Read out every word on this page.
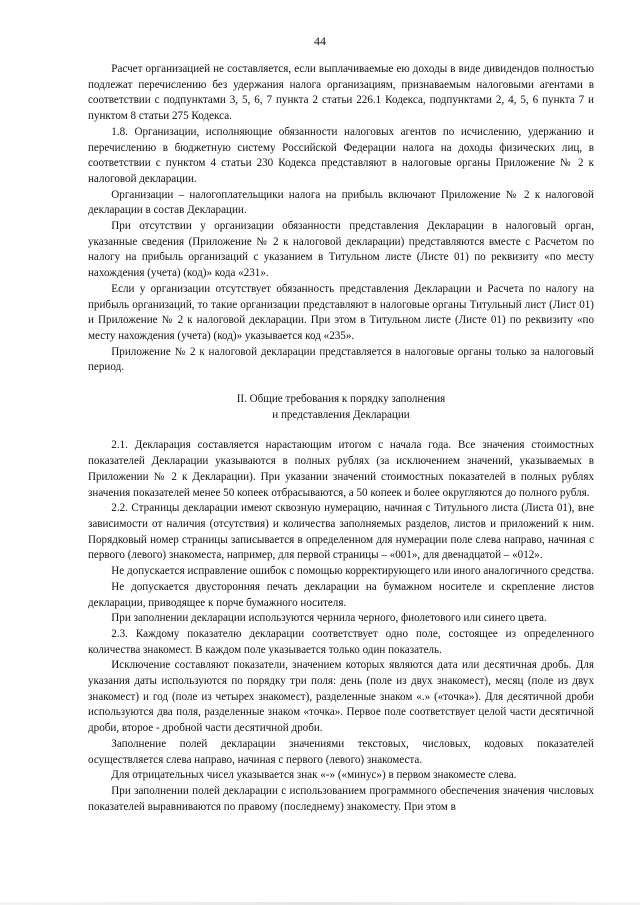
44

Расчет организацией не составляется, если выплачиваемые ею доходы в виде дивидендов полностью подлежат перечислению без удержания налога организациям, признаваемым налоговыми агентами в соответствии с подпунктами 3, 5, 6, 7 пункта 2 статьи 226.1 Кодекса, подпунктами 2, 4, 5, 6 пункта 7 и пунктом 8 статьи 275 Кодекса.

1.8. Организации, исполняющие обязанности налоговых агентов по исчислению, удержанию и перечислению в бюджетную систему Российской Федерации налога на доходы физических лиц, в соответствии с пунктом 4 статьи 230 Кодекса представляют в налоговые органы Приложение № 2 к налоговой декларации.

Организации – налогоплательщики налога на прибыль включают Приложение № 2 к налоговой декларации в состав Декларации.

При отсутствии у организации обязанности представления Декларации в налоговый орган, указанные сведения (Приложение № 2 к налоговой декларации) представляются вместе с Расчетом по налогу на прибыль организаций с указанием в Титульном листе (Листе 01) по реквизиту «по месту нахождения (учета) (код)» кода «231».

Если у организации отсутствует обязанность представления Декларации и Расчета по налогу на прибыль организаций, то такие организации представляют в налоговые органы Титульный лист (Лист 01) и Приложение № 2 к налоговой декларации. При этом в Титульном листе (Листе 01) по реквизиту «по месту нахождения (учета) (код)» указывается код «235».

Приложение № 2 к налоговой декларации представляется в налоговые органы только за налоговый период.

II. Общие требования к порядку заполнения
и представления Декларации

2.1. Декларация составляется нарастающим итогом с начала года. Все значения стоимостных показателей Декларации указываются в полных рублях (за исключением значений, указываемых в Приложении № 2 к Декларации). При указании значений стоимостных показателей в полных рублях значения показателей менее 50 копеек отбрасываются, а 50 копеек и более округляются до полного рубля.

2.2. Страницы декларации имеют сквозную нумерацию, начиная с Титульного листа (Листа 01), вне зависимости от наличия (отсутствия) и количества заполняемых разделов, листов и приложений к ним. Порядковый номер страницы записывается в определенном для нумерации поле слева направо, начиная с первого (левого) знакоместа, например, для первой страницы – «001», для двенадцатой – «012».

Не допускается исправление ошибок с помощью корректирующего или иного аналогичного средства.

Не допускается двусторонняя печать декларации на бумажном носителе и скрепление листов декларации, приводящее к порче бумажного носителя.

При заполнении декларации используются чернила черного, фиолетового или синего цвета.

2.3. Каждому показателю декларации соответствует одно поле, состоящее из определенного количества знакомест. В каждом поле указывается только один показатель.

Исключение составляют показатели, значением которых являются дата или десятичная дробь. Для указания даты используются по порядку три поля: день (поле из двух знакомест), месяц (поле из двух знакомест) и год (поле из четырех знакомест), разделенные знаком «.» («точка»). Для десятичной дроби используются два поля, разделенные знаком «точка». Первое поле соответствует целой части десятичной дроби, второе - дробной части десятичной дроби.

Заполнение полей декларации значениями текстовых, числовых, кодовых показателей осуществляется слева направо, начиная с первого (левого) знакоместа.

Для отрицательных чисел указывается знак «-» («минус») в первом знакоместе слева.

При заполнении полей декларации с использованием программного обеспечения значения числовых показателей выравниваются по правому (последнему) знакоместу. При этом в
